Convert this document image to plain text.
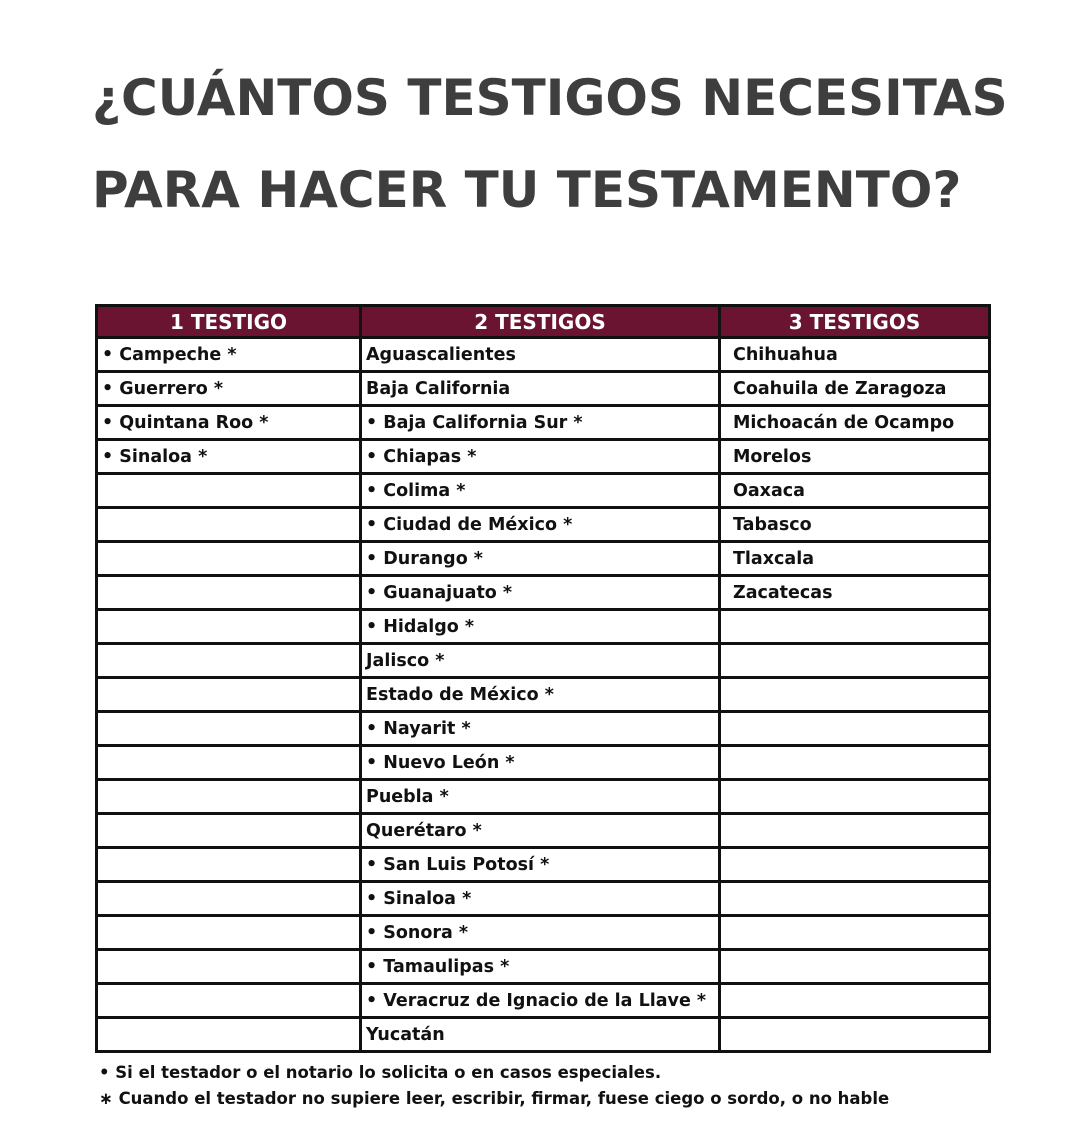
¿CUÁNTOS TESTIGOS NECESITAS
PARA HACER TU TESTAMENTO?
1 TESTIGO	2 TESTIGOS	3 TESTIGOS
• Campeche *	Aguascalientes	Chihuahua
• Guerrero *	Baja California	Coahuila de Zaragoza
• Quintana Roo *	• Baja California Sur *	Michoacán de Ocampo
• Sinaloa *	• Chiapas *	Morelos
	• Colima *	Oaxaca
	• Ciudad de México *	Tabasco
	• Durango *	Tlaxcala
	• Guanajuato *	Zacatecas
	• Hidalgo *	
	Jalisco *	
	Estado de México *	
	• Nayarit *	
	• Nuevo León *	
	Puebla *	
	Querétaro *	
	• San Luis Potosí *	
	• Sinaloa *	
	• Sonora *	
	• Tamaulipas *	
	• Veracruz de Ignacio de la Llave *	
	Yucatán	
• Si el testador o el notario lo solicita o en casos especiales.
∗ Cuando el testador no supiere leer, escribir, firmar, fuese ciego o sordo, o no hable
